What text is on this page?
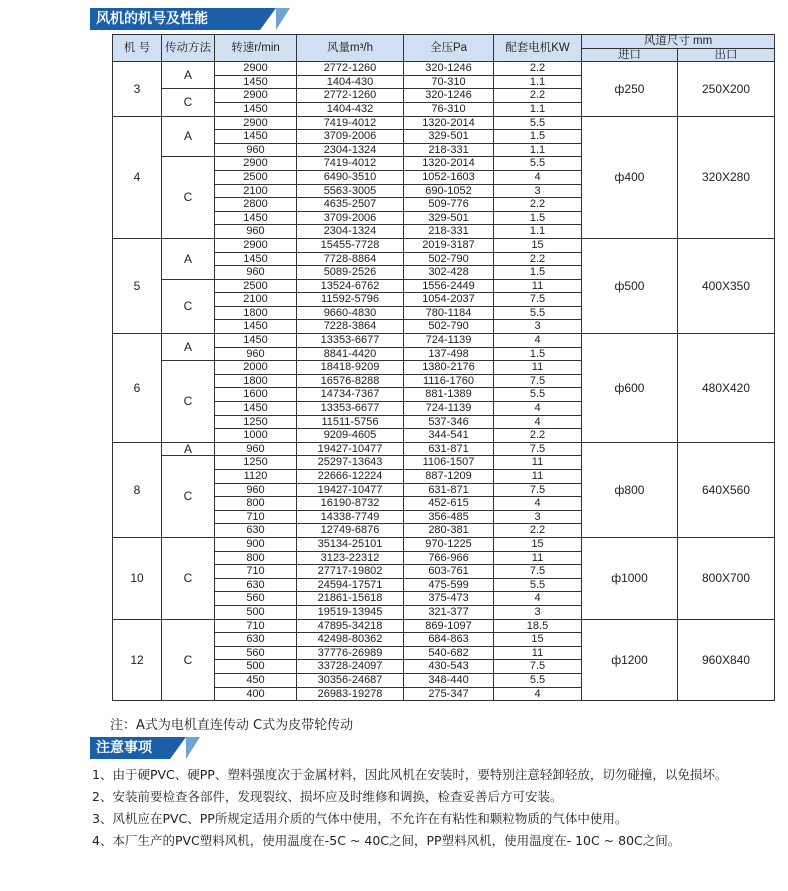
风机的机号及性能
机 号	传动方法	转速r/min	风量m³/h	全压Pa	配套电机KW	风道尺寸 mm	
						进口	出口
3	A	2900	2772-1260	320-1246	2.2	ф250	250X200
		1450	1404-430	70-310	1.1		
	C	2900	2772-1260	320-1246	2.2		
		1450	1404-432	76-310	1.1		
4	A	2900	7419-4012	1320-2014	5.5	ф400	320X280
		1450	3709-2006	329-501	1.5		
		960	2304-1324	218-331	1.1		
	C	2900	7419-4012	1320-2014	5.5		
		2500	6490-3510	1052-1603	4		
		2100	5563-3005	690-1052	3		
		2800	4635-2507	509-776	2.2		
		1450	3709-2006	329-501	1.5		
		960	2304-1324	218-331	1.1		
5	A	2900	15455-7728	2019-3187	15	ф500	400X350
		1450	7728-8864	502-790	2.2		
		960	5089-2526	302-428	1.5		
	C	2500	13524-6762	1556-2449	11		
		2100	11592-5796	1054-2037	7.5		
		1800	9660-4830	780-1184	5.5		
		1450	7228-3864	502-790	3		
6	A	1450	13353-6677	724-1139	4	ф600	480X420
		960	8841-4420	137-498	1.5		
	C	2000	18418-9209	1380-2176	11		
		1800	16576-8288	1116-1760	7.5		
		1600	14734-7367	881-1389	5.5		
		1450	13353-6677	724-1139	4		
		1250	11511-5756	537-346	4		
		1000	9209-4605	344-541	2.2		
8	A	960	19427-10477	631-871	7.5	ф800	640X560
	C	1250	25297-13643	1106-1507	11		
		1120	22666-12224	887-1209	11		
		960	19427-10477	631-871	7.5		
		800	16190-8732	452-615	4		
		710	14338-7749	356-485	3		
		630	12749-6876	280-381	2.2		
10	C	900	35134-25101	970-1225	15	ф1000	800X700
		800	3123-22312	766-966	11		
		710	27717-19802	603-761	7.5		
		630	24594-17571	475-599	5.5		
		560	21861-15618	375-473	4		
		500	19519-13945	321-377	3		
12	C	710	47895-34218	869-1097	18.5	ф1200	960X840
		630	42498-80362	684-863	15		
		560	37776-26989	540-682	11		
		500	33728-24097	430-543	7.5		
		450	30356-24687	348-440	5.5		
		400	26983-19278	275-347	4		
注：A式为电机直连传动 C式为皮带轮传动
注意事项

1、由于硬PVC、硬PP、塑料强度次于金属材料，因此风机在安装时，要特别注意轻卸轻放，切勿碰撞，以免损坏。

2、安装前要检查各部件，发现裂纹、损坏应及时维修和调换，检查妥善后方可安装。

3、风机应在PVC、PP所规定适用介质的气体中使用，不允许在有粘性和颗粒物质的气体中使用。

4、本厂生产的PVC塑料风机，使用温度在-5C ~ 40C之间，PP塑料风机，使用温度在- 10C ~ 80C之间。
